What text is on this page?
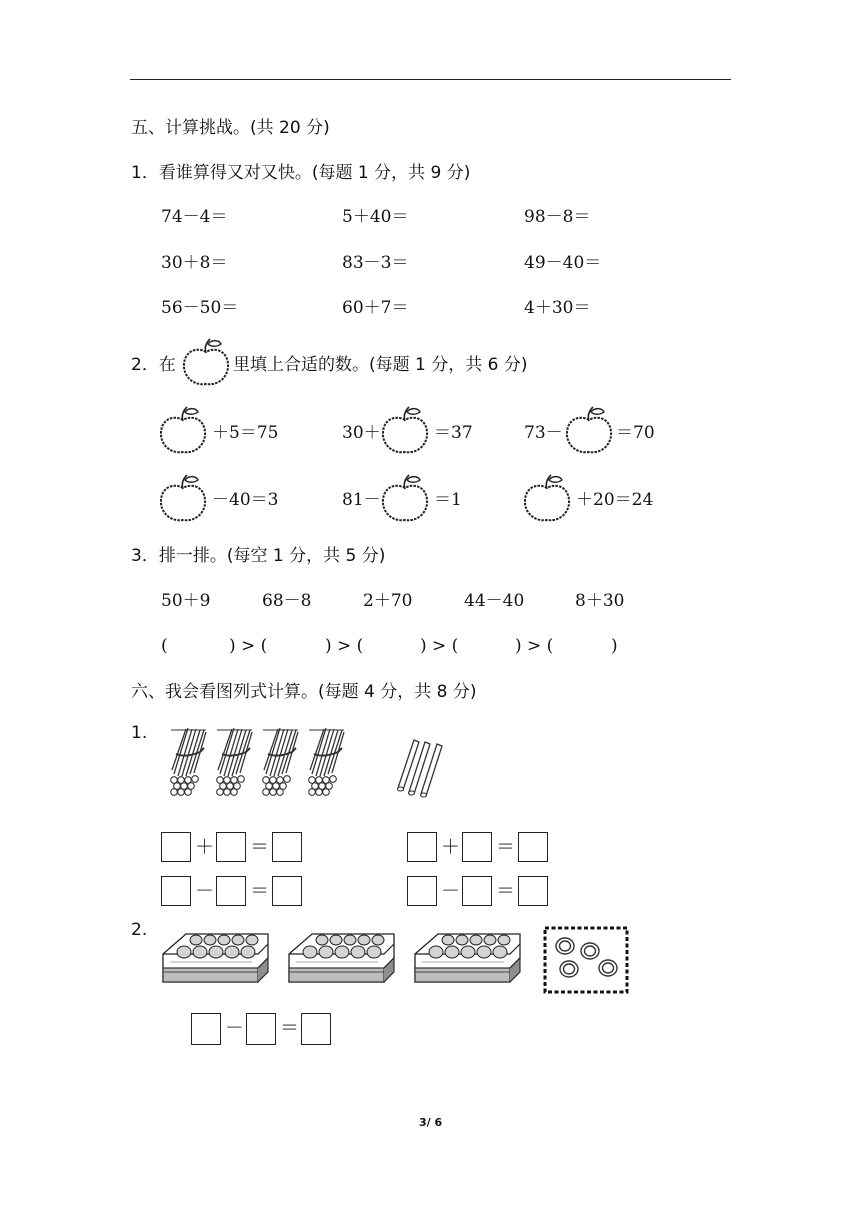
五、计算挑战。(共 20 分)
1．看谁算得又对又快。(每题 1 分，共 9 分)
74－4＝	5＋40＝	98－8＝
30＋8＝	83－3＝	49－40＝
56－50＝	60＋7＝	4＋30＝
2．在	里填上合适的数。(每题 1 分，共 6 分)
＋5＝75	30＋	＝37	73－	＝70
－40＝3	81－	＝1	＋20＝24
3．排一排。(每空 1 分，共 5 分)
50＋9	68－8	2＋70	44－40	8＋30
(	) > (	) > (	) > (	) > (	)
六、我会看图列式计算。(每题 4 分，共 8 分)
1.
＋ ＝
－ ＝
＋ ＝
－ ＝
2.
－ ＝
3/ 6
